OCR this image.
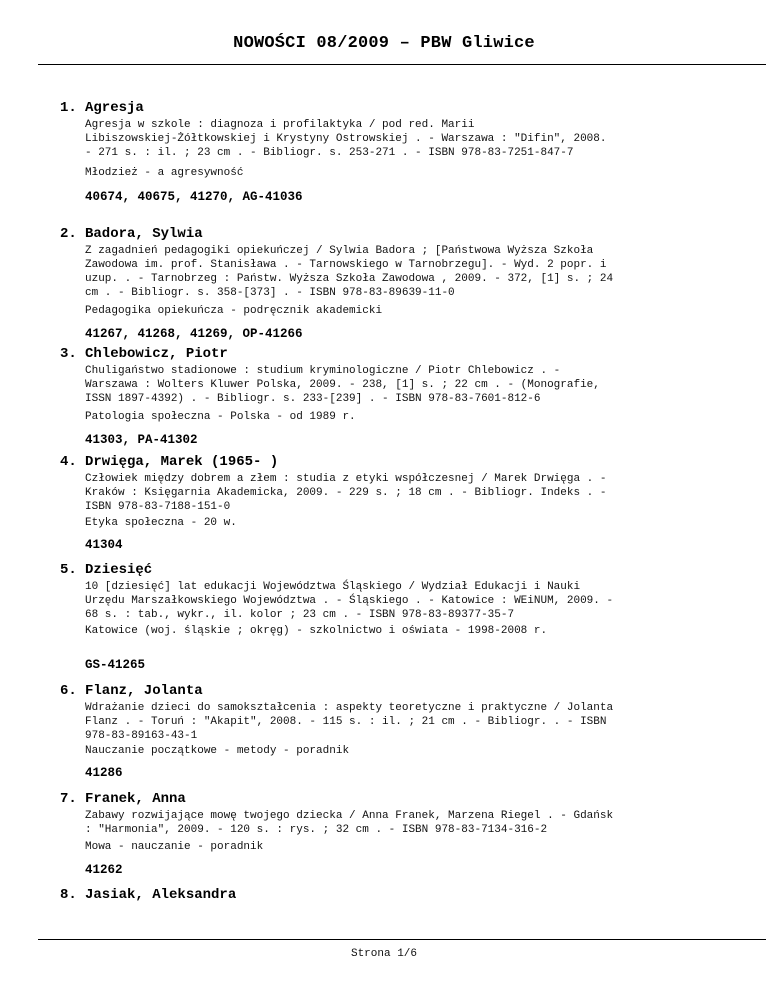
NOWOŚCI 08/2009 – PBW Gliwice
1. Agresja
Agresja w szkole : diagnoza i profilaktyka / pod red. Marii
Libiszowskiej-Żółtkowskiej i Krystyny Ostrowskiej . - Warszawa : "Difin", 2008.
- 271 s. : il. ; 23 cm . - Bibliogr. s. 253-271 . - ISBN 978-83-7251-847-7
Młodzież - a agresywność
40674, 40675, 41270, AG-41036
2. Badora, Sylwia
Z zagadnień pedagogiki opiekuńczej / Sylwia Badora ; [Państwowa Wyższa Szkoła
Zawodowa im. prof. Stanisława . - Tarnowskiego w Tarnobrzegu]. - Wyd. 2 popr. i
uzup. . - Tarnobrzeg : Państw. Wyższa Szkoła Zawodowa , 2009. - 372, [1] s. ; 24
cm . - Bibliogr. s. 358-[373] . - ISBN 978-83-89639-11-0
Pedagogika opiekuńcza - podręcznik akademicki
41267, 41268, 41269, OP-41266
3. Chlebowicz, Piotr
Chuligaństwo stadionowe : studium kryminologiczne / Piotr Chlebowicz . -
Warszawa : Wolters Kluwer Polska, 2009. - 238, [1] s. ; 22 cm . - (Monografie,
ISSN 1897-4392) . - Bibliogr. s. 233-[239] . - ISBN 978-83-7601-812-6
Patologia społeczna - Polska - od 1989 r.
41303, PA-41302
4. Drwięga, Marek (1965- )
Człowiek między dobrem a złem : studia z etyki współczesnej / Marek Drwięga . -
Kraków : Księgarnia Akademicka, 2009. - 229 s. ; 18 cm . - Bibliogr. Indeks . -
ISBN 978-83-7188-151-0
Etyka społeczna - 20 w.
41304
5. Dziesięć
10 [dziesięć] lat edukacji Województwa Śląskiego / Wydział Edukacji i Nauki
Urzędu Marszałkowskiego Województwa . - Śląskiego . - Katowice : WEiNUM, 2009. -
68 s. : tab., wykr., il. kolor ; 23 cm . - ISBN 978-83-89377-35-7
Katowice (woj. śląskie ; okręg) - szkolnictwo i oświata - 1998-2008 r.
GS-41265
6. Flanz, Jolanta
Wdrażanie dzieci do samokształcenia : aspekty teoretyczne i praktyczne / Jolanta
Flanz . - Toruń : "Akapit", 2008. - 115 s. : il. ; 21 cm . - Bibliogr. . - ISBN
978-83-89163-43-1
Nauczanie początkowe - metody - poradnik
41286
7. Franek, Anna
Zabawy rozwijające mowę twojego dziecka / Anna Franek, Marzena Riegel . - Gdańsk
: "Harmonia", 2009. - 120 s. : rys. ; 32 cm . - ISBN 978-83-7134-316-2
Mowa - nauczanie - poradnik
41262
8. Jasiak, Aleksandra
Strona 1/6
